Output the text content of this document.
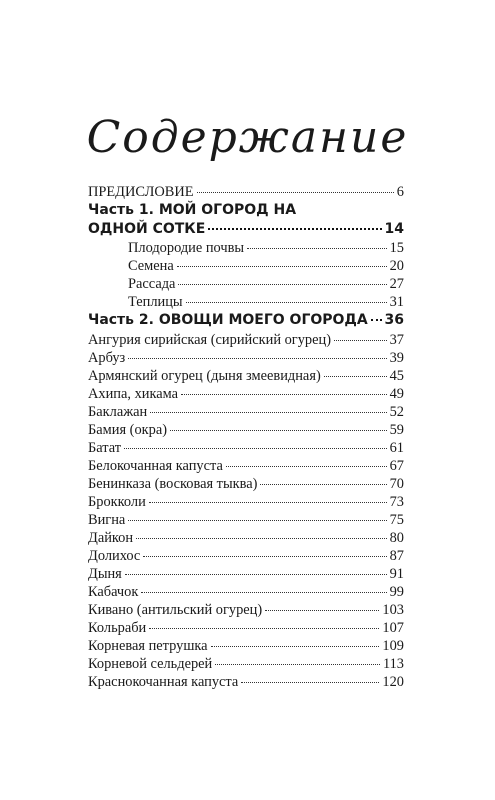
Содержание
ПРЕДИСЛОВИЕ	6
Часть 1. МОЙ ОГОРОД НА
ОДНОЙ СОТКЕ	14
Плодородие почвы	15
Семена	20
Рассада	27
Теплицы	31
Часть 2. ОВОЩИ МОЕГО ОГОРОДА 36
Ангурия сирийская (сирийский огурец)	37
Арбуз	39
Армянский огурец (дыня змеевидная)	45
Ахипа, хикама	49
Баклажан	52
Бамия (окра)	59
Батат	61
Белокочанная капуста	67
Бенинказа (восковая тыква)	70
Брокколи	73
Вигна	75
Дайкон	80
Долихос	87
Дыня	91
Кабачок	99
Кивано (антильский огурец)	103
Кольраби	107
Корневая петрушка	109
Корневой сельдерей	113
Краснокочанная капуста	120
